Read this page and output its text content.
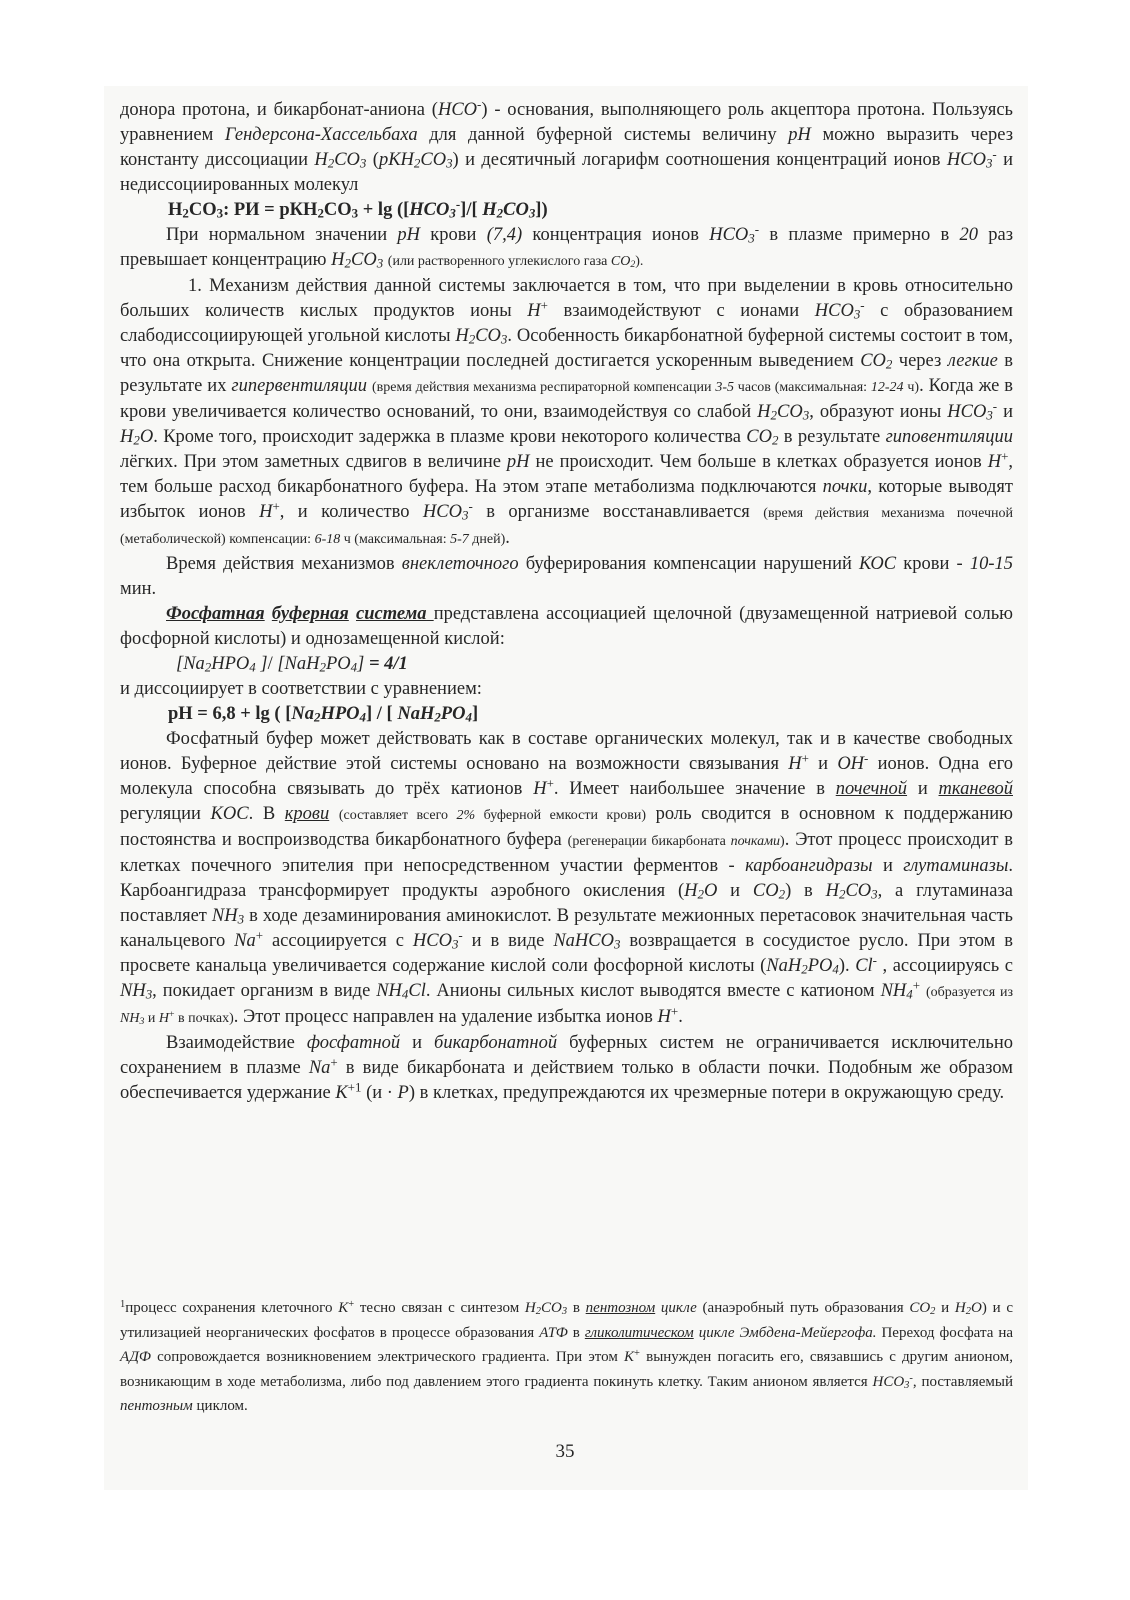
донора протона, и бикарбонат-аниона (HCO-) - основания, выполняющего роль акцептора протона. Пользуясь уравнением Гендерсона-Хассельбаха для данной буферной системы величину pH можно выразить через константу диссоциации $H_2CO_3$ $(pKH_2CO_3)$ и десятичный логарифм соотношения концентраций ионов $HCO_3^-$ и недиссоциированных молекул

$H_2CO_3$: РИ = $рКН_2СО_3 + \lg ([HCO_3^-]/$[ $H_2CO_3$])

При нормальном значении pH крови (7,4) концентрация ионов $HCO_3^-$ в плазме примерно в 20 раз превышает концентрацию $H_2CO_3$ (или растворенного углекислого газа $CO_2$).

1. Механизм действия данной системы заключается в том, что при выделении в кровь относительно больших количеств кислых продуктов ионы H+ взаимодействуют с ионами $HCO_3^-$ с образованием слабодиссоциирующей угольной кислоты $H_2CO_3$. Особенность бикарбонатной буферной системы состоит в том, что она открыта. Снижение концентрации последней достигается ускоренным выведением $CO_2$ через легкие в результате их гипервентиляции (время действия механизма респираторной компенсации 3-5 часов (максимальная: 12-24 ч). Когда же в крови увеличивается количество оснований, то они, взаимодействуя со слабой $H_2CO_3$, образуют ионы $HCO_3^-$ и $H_2O$. Кроме того, происходит задержка в плазме крови некоторого количества $CO_2$ в результате гиповентиляции лёгких. При этом заметных сдвигов в величине pH не происходит. Чем больше в клетках образуется ионов H+, тем больше расход бикарбонатного буфера. На этом этапе метаболизма подключаются почки, которые выводят избыток ионов H+, и количество $HCO_3^-$ в организме восстанавливается (время действия механизма почечной (метаболической) компенсации: 6-18 ч (максимальная: 5-7 дней).

Время действия механизмов внеклеточного буферирования компенсации нарушений КОС крови - 10-15 мин.

Фосфатная буферная система представлена ассоциацией щелочной (двузамещенной натриевой солью фосфорной кислоты) и однозамещенной кислой:

[$Na_2HPO_4$ ]/ $[NaH_2PO_4] = 4/1$

и диссоциирует в соответствии с уравнением:

pH = 6,8 + lg ( $[Na_2HPO_4]$ / [ $NaH_2PO_4$]

Фосфатный буфер может действовать как в составе органических молекул, так и в качестве свободных ионов. Буферное действие этой системы основано на возможности связывания H+ и OH- ионов. Одна его молекула способна связывать до трёх катионов H+. Имеет наибольшее значение в почечной и тканевой регуляции KOC. В крови (составляет всего 2% буферной емкости крови) роль сводится в основном к поддержанию постоянства и воспроизводства бикарбонатного буфера (регенерации бикарбоната почками). Этот процесс происходит в клетках почечного эпителия при непосредственном участии ферментов - карбоангидразы и глутаминазы. Карбоангидраза трансформирует продукты аэробного окисления ($H_2O$ и $CO_2$) в $H_2CO_3$, а глутаминаза поставляет $NH_3$ в ходе дезаминирования аминокислот. В результате межионных перетасовок значительная часть канальцевого Na+ ассоциируется с $HCO_3^-$ и в виде NaHCO$_3$ возвращается в сосудистое русло. При этом в просвете канальца увеличивается содержание кислой соли фосфорной кислоты $(NaH_2PO_4)$. Cl- , ассоциируясь с $NH_3$, покидает организм в виде $NH_4Cl$. Анионы сильных кислот выводятся вместе с катионом $NH_4^+$ (образуется из $NH_3$ и H+ в почках). Этот процесс направлен на удаление избытка ионов H+.

Взаимодействие фосфатной и бикарбонатной буферных систем не ограничивается исключительно сохранением в плазме Na+ в виде бикарбоната и действием только в области почки. Подобным же образом обеспечивается удержание $K^{+1}$ (и · P) в клетках, предупреждаются их чрезмерные потери в окружающую среду.

$^1$процесс сохранения клеточного K+ тесно связан с синтезом $H_2CO_3$ в пентозном цикле (анаэробный путь образования $CO_2$ и $H_2O$) и с утилизацией неорганических фосфатов в процессе образования АТФ в гликолитическом цикле Эмбдена-Мейергофа. Переход фосфата на АДФ сопровождается возникновением электрического градиента. При этом K+ вынужден погасить его, связавшись с другим анионом, возникающим в ходе метаболизма, либо под давлением этого градиента покинуть клетку. Таким анионом является $HCO_3^-$, поставляемый пентозным циклом.

35
